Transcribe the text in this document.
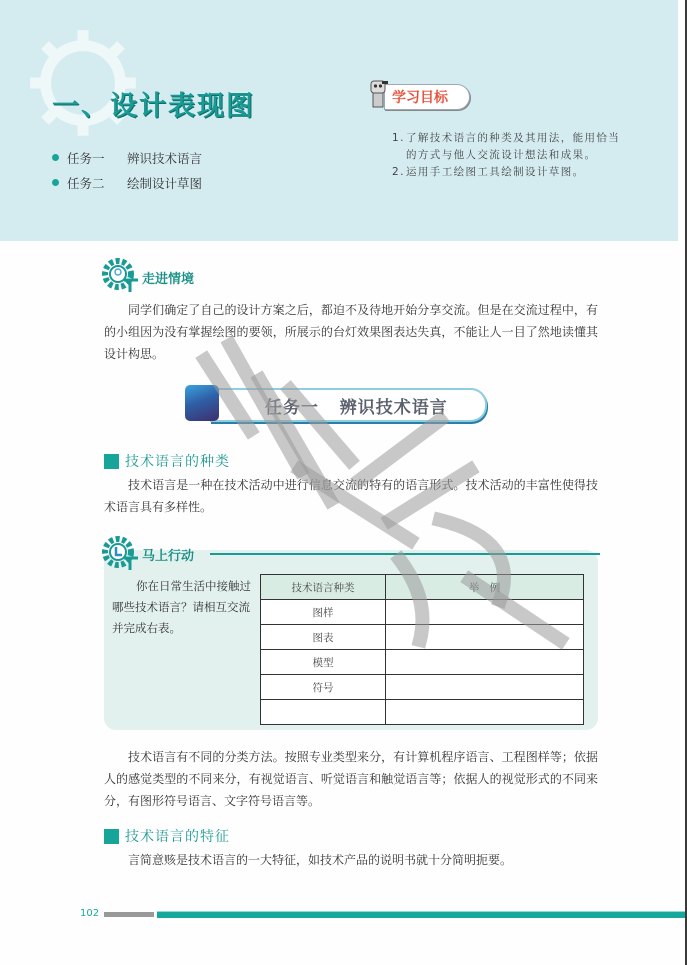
一、设计表现图
任务一	辨识技术语言
任务二	绘制设计草图
学习目标
1. 了解技术语言的种类及其用法，能用恰当的方式与他人交流设计想法和成果。
2. 运用手工绘图工具绘制设计草图。
走进情境
同学们确定了自己的设计方案之后，都迫不及待地开始分享交流。但是在交流过程中，有的小组因为没有掌握绘图的要领，所展示的台灯效果图表达失真，不能让人一目了然地读懂其设计构思。
任务一 辨识技术语言
技术语言的种类
技术语言是一种在技术活动中进行信息交流的特有的语言形式。技术活动的丰富性使得技术语言具有多样性。
马上行动
你在日常生活中接触过哪些技术语言？请相互交流并完成右表。
技术语言种类	举　例
图样	
图表	
模型	
符号	

技术语言有不同的分类方法。按照专业类型来分，有计算机程序语言、工程图样等；依据人的感觉类型的不同来分，有视觉语言、听觉语言和触觉语言等；依据人的视觉形式的不同来分，有图形符号语言、文字符号语言等。
技术语言的特征
言简意赅是技术语言的一大特征，如技术产品的说明书就十分简明扼要。
102
